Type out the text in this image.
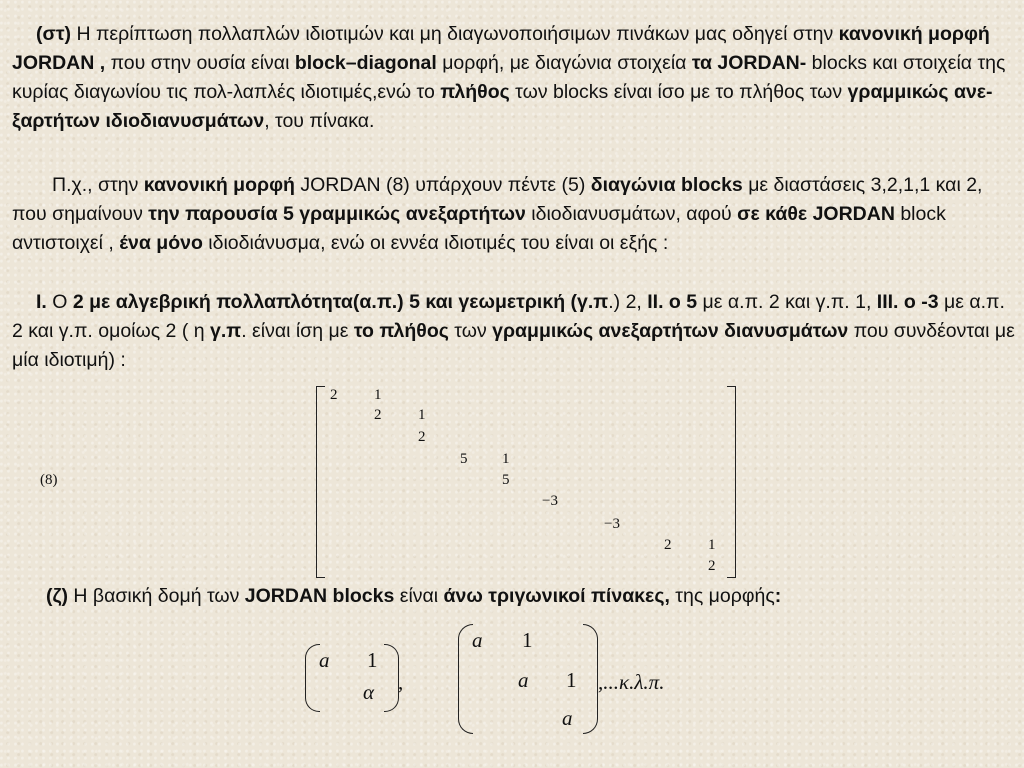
(στ) Η περίπτωση πολλαπλών ιδιοτιμών και μη διαγωνοποιήσιμων πινάκων μας οδηγεί στην κανονική μορφή JORDAN , που στην ουσία είναι block–diagonal μορφή, με διαγώνια στοιχεία τα JORDAN- blocks και στοιχεία της κυρίας διαγωνίου τις πολ-λαπλές ιδιοτιμές,ενώ το πλήθος των blocks είναι ίσο με το πλήθος των γραμμικώς ανε-ξαρτήτων ιδιοδιανυσμάτων, του πίνακα.

Π.χ., στην κανονική μορφή JORDAN (8) υπάρχουν πέντε (5) διαγώνια blocks με διαστάσεις 3,2,1,1 και 2, που σημαίνουν την παρουσία 5 γραμμικώς ανεξαρτήτων ιδιοδιανυσμάτων, αφού σε κάθε JORDAN block αντιστοιχεί , ένα μόνο ιδιοδιάνυσμα, ενώ οι εννέα ιδιοτιμές του είναι οι εξής :

I. Ο 2 με αλγεβρική πολλαπλότητα(α.π.) 5 και γεωμετρική (γ.π.) 2, II. ο 5 με α.π. 2 και γ.π. 1, III. ο -3 με α.π. 2 και γ.π. ομοίως 2 ( η γ.π. είναι ίση με το πλήθος των γραμμικώς ανεξαρτήτων διανυσμάτων που συνδέονται με μία ιδιοτιμή) :

(8)
2 1
2 1
2
5 1
5
−3
−3
2 1
2

(ζ) Η βασική δομή των JORDAN blocks είναι άνω τριγωνικοί πίνακες, της μορφής:

a 1
α ,
a 1
a 1
a
,...κ.λ.π.
